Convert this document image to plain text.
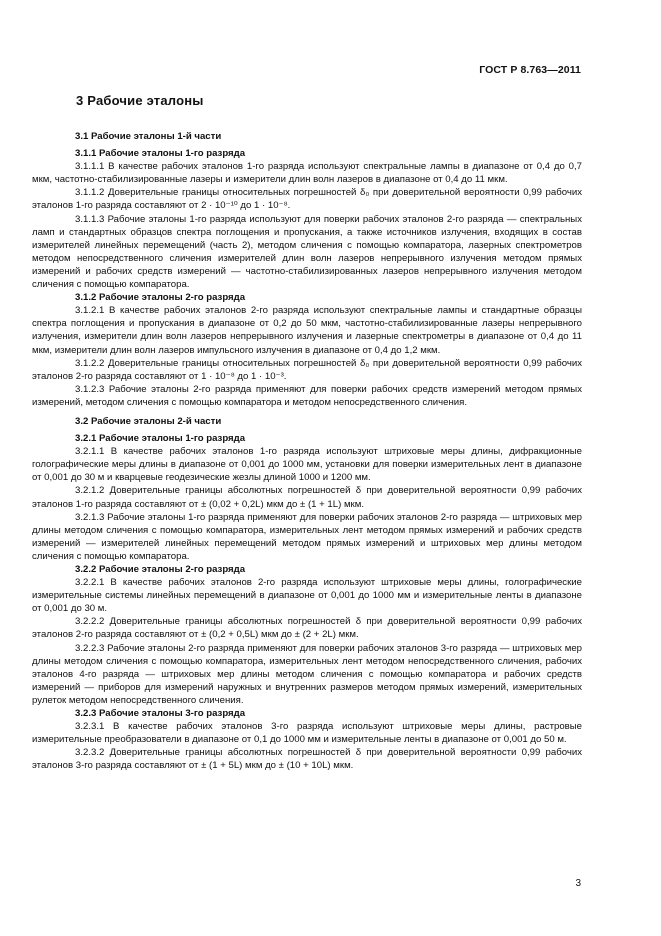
ГОСТ Р 8.763—2011
3 Рабочие эталоны
3.1 Рабочие эталоны 1-й части
3.1.1 Рабочие эталоны 1-го разряда
3.1.1.1 В качестве рабочих эталонов 1-го разряда используют спектральные лампы в диапазоне от 0,4 до 0,7 мкм, частотно-стабилизированные лазеры и измерители длин волн лазеров в диапазоне от 0,4 до 11 мкм.
3.1.1.2 Доверительные границы относительных погрешностей δ₀ при доверительной вероятности 0,99 рабочих эталонов 1-го разряда составляют от 2 · 10⁻¹⁰ до 1 · 10⁻⁸.
3.1.1.3 Рабочие эталоны 1-го разряда используют для поверки рабочих эталонов 2-го разряда — спектральных ламп и стандартных образцов спектра поглощения и пропускания, а также источников излучения, входящих в состав измерителей линейных перемещений (часть 2), методом сличения с помощью компаратора, лазерных спектрометров методом непосредственного сличения измерителей длин волн лазеров непрерывного излучения методом прямых измерений и рабочих средств измерений — частотно-стабилизированных лазеров непрерывного излучения методом сличения с помощью компаратора.
3.1.2 Рабочие эталоны 2-го разряда
3.1.2.1 В качестве рабочих эталонов 2-го разряда используют спектральные лампы и стандартные образцы спектра поглощения и пропускания в диапазоне от 0,2 до 50 мкм, частотно-стабилизированные лазеры непрерывного излучения, измерители длин волн лазеров непрерывного излучения и лазерные спектрометры в диапазоне от 0,4 до 11 мкм, измерители длин волн лазеров импульсного излучения в диапазоне от 0,4 до 1,2 мкм.
3.1.2.2 Доверительные границы относительных погрешностей δ₀ при доверительной вероятности 0,99 рабочих эталонов 2-го разряда составляют от 1 · 10⁻⁸ до 1 · 10⁻³.
3.1.2.3 Рабочие эталоны 2-го разряда применяют для поверки рабочих средств измерений методом прямых измерений, методом сличения с помощью компаратора и методом непосредственного сличения.
3.2 Рабочие эталоны 2-й части
3.2.1 Рабочие эталоны 1-го разряда
3.2.1.1 В качестве рабочих эталонов 1-го разряда используют штриховые меры длины, дифракционные голографические меры длины в диапазоне от 0,001 до 1000 мм, установки для поверки измерительных лент в диапазоне от 0,001 до 30 м и кварцевые геодезические жезлы длиной 1000 и 1200 мм.
3.2.1.2 Доверительные границы абсолютных погрешностей δ при доверительной вероятности 0,99 рабочих эталонов 1-го разряда составляют от ± (0,02 + 0,2L) мкм до ± (1 + 1L) мкм.
3.2.1.3 Рабочие эталоны 1-го разряда применяют для поверки рабочих эталонов 2-го разряда — штриховых мер длины методом сличения с помощью компаратора, измерительных лент методом прямых измерений и рабочих средств измерений — измерителей линейных перемещений методом прямых измерений и штриховых мер длины методом сличения с помощью компаратора.
3.2.2 Рабочие эталоны 2-го разряда
3.2.2.1 В качестве рабочих эталонов 2-го разряда используют штриховые меры длины, голографические измерительные системы линейных перемещений в диапазоне от 0,001 до 1000 мм и измерительные ленты в диапазоне от 0,001 до 30 м.
3.2.2.2 Доверительные границы абсолютных погрешностей δ при доверительной вероятности 0,99 рабочих эталонов 2-го разряда составляют от ± (0,2 + 0,5L) мкм до ± (2 + 2L) мкм.
3.2.2.3 Рабочие эталоны 2-го разряда применяют для поверки рабочих эталонов 3-го разряда — штриховых мер длины методом сличения с помощью компаратора, измерительных лент методом непосредственного сличения, рабочих эталонов 4-го разряда — штриховых мер длины методом сличения с помощью компаратора и рабочих средств измерений — приборов для измерений наружных и внутренних размеров методом прямых измерений, измерительных рулеток методом непосредственного сличения.
3.2.3 Рабочие эталоны 3-го разряда
3.2.3.1 В качестве рабочих эталонов 3-го разряда используют штриховые меры длины, растровые измерительные преобразователи в диапазоне от 0,1 до 1000 мм и измерительные ленты в диапазоне от 0,001 до 50 м.
3.2.3.2 Доверительные границы абсолютных погрешностей δ при доверительной вероятности 0,99 рабочих эталонов 3-го разряда составляют от ± (1 + 5L) мкм до ± (10 + 10L) мкм.
3
